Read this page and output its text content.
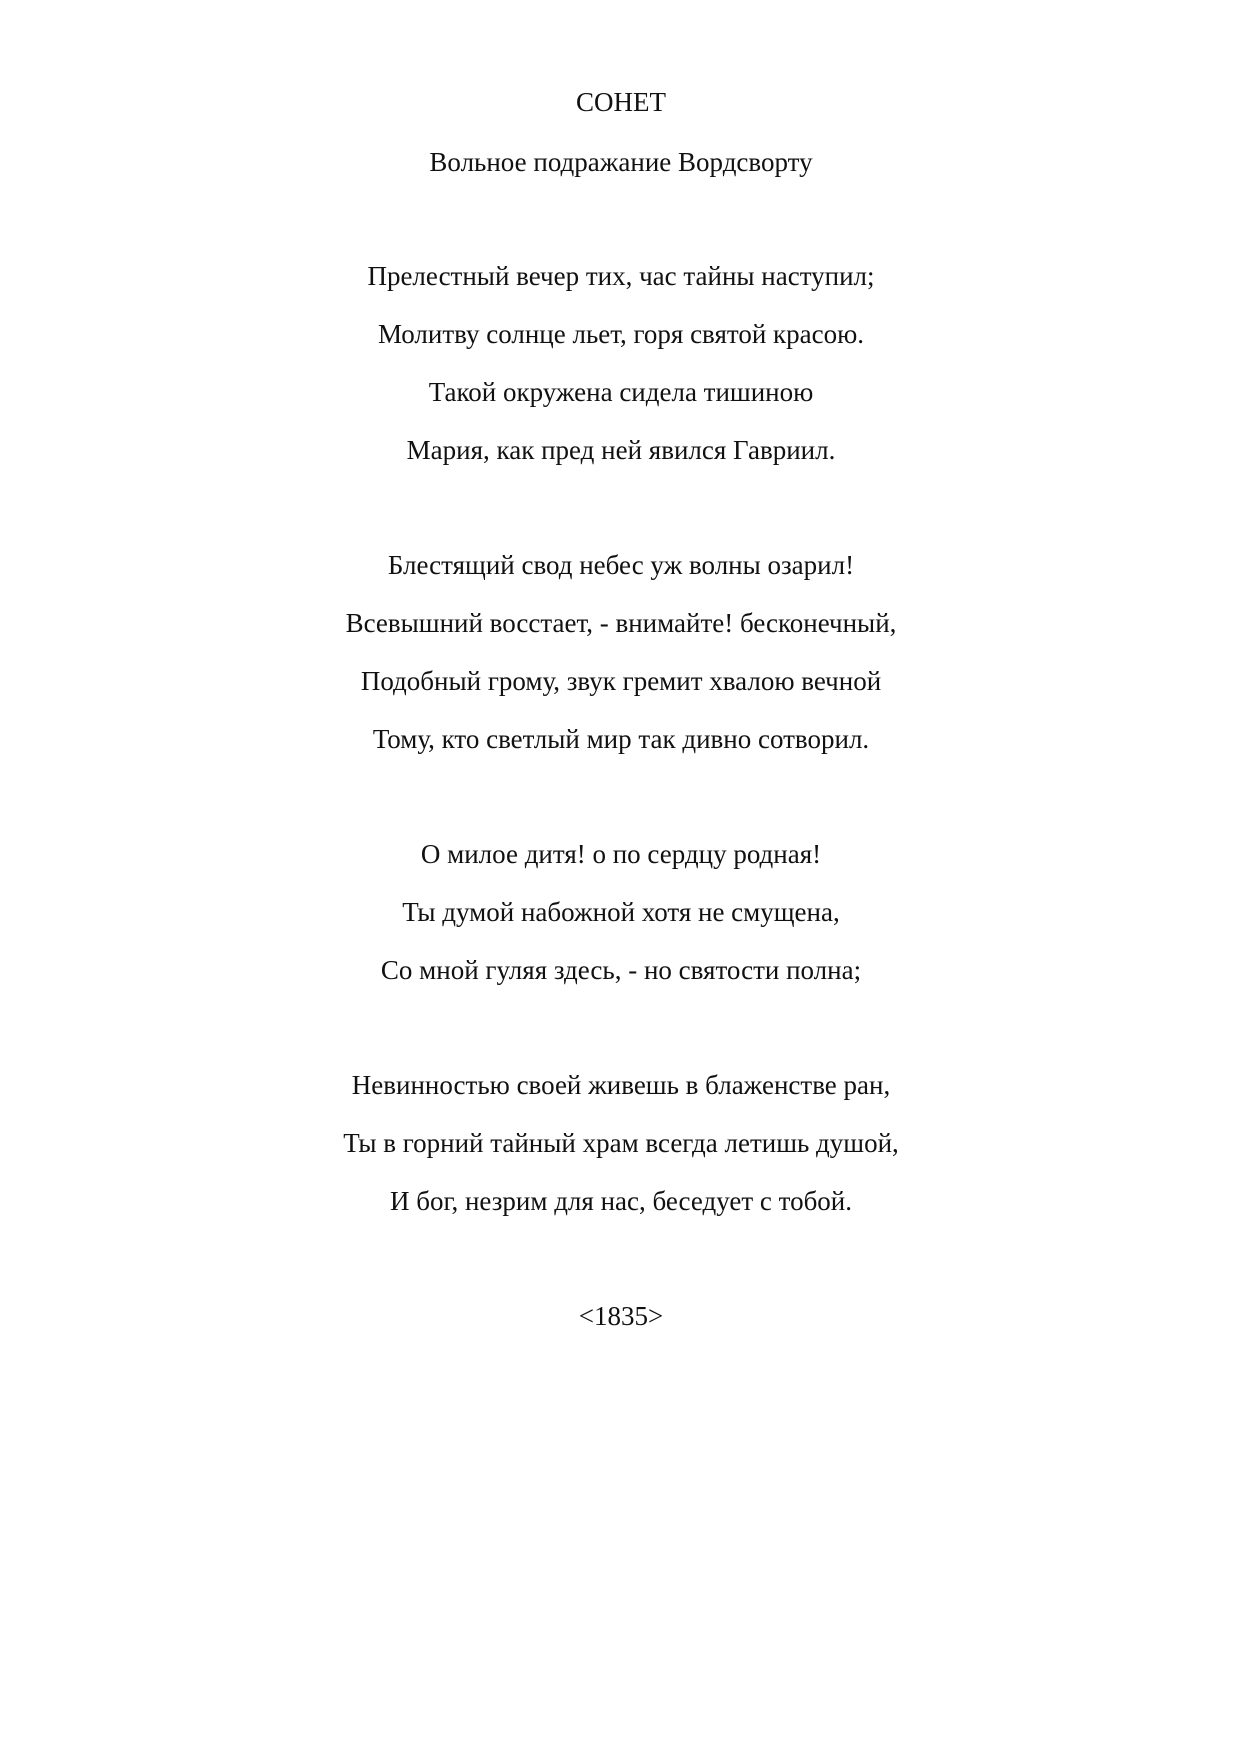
СОНЕТ
Вольное подражание Вордсворту
Прелестный вечер тих, час тайны наступил;
Молитву солнце льет, горя святой красою.
Такой окружена сидела тишиною
Мария, как пред ней явился Гавриил.
Блестящий свод небес уж волны озарил!
Всевышний восстает, - внимайте! бесконечный,
Подобный грому, звук гремит хвалою вечной
Тому, кто светлый мир так дивно сотворил.
О милое дитя! о по сердцу родная!
Ты думой набожной хотя не смущена,
Со мной гуляя здесь, - но святости полна;
Невинностью своей живешь в блаженстве ран,
Ты в горний тайный храм всегда летишь душой,
И бог, незрим для нас, беседует с тобой.
<1835>
